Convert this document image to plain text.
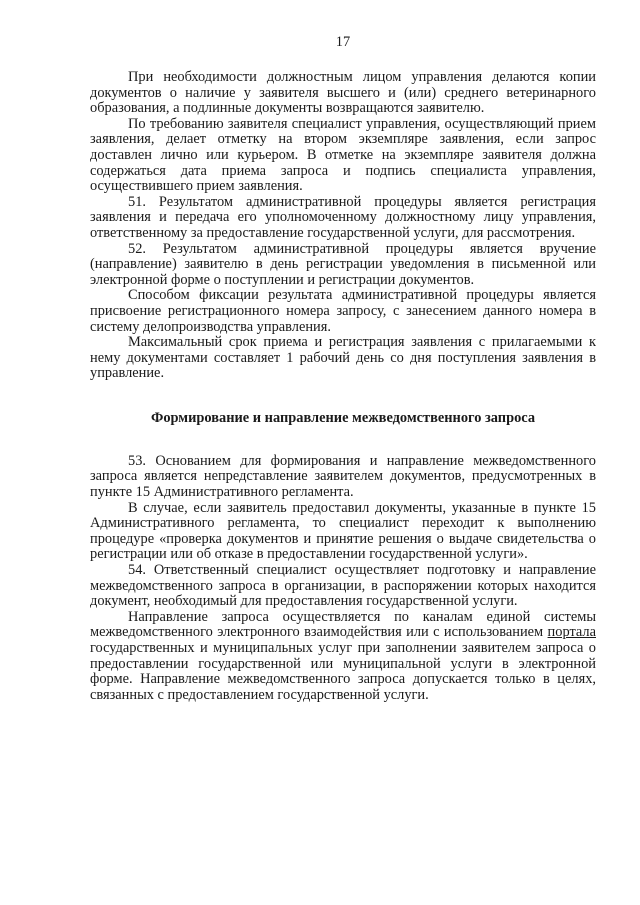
17

При необходимости должностным лицом управления делаются копии документов о наличие у заявителя высшего и (или) среднего ветеринарного образования, а подлинные документы возвращаются заявителю.

По требованию заявителя специалист управления, осуществляющий прием заявления, делает отметку на втором экземпляре заявления, если запрос доставлен лично или курьером. В отметке на экземпляре заявителя должна содержаться дата приема запроса и подпись специалиста управления, осуществившего прием заявления.

51. Результатом административной процедуры является регистрация заявления и передача его уполномоченному должностному лицу управления, ответственному за предоставление государственной услуги, для рассмотрения.

52. Результатом административной процедуры является вручение (направление) заявителю в день регистрации уведомления в письменной или электронной форме о поступлении и регистрации документов.

Способом фиксации результата административной процедуры является присвоение регистрационного номера запросу, с занесением данного номера в систему делопроизводства управления.

Максимальный срок приема и регистрация заявления с прилагаемыми к нему документами составляет 1 рабочий день со дня поступления заявления в управление.

Формирование и направление межведомственного запроса

53. Основанием для формирования и направление межведомственного запроса является непредставление заявителем документов, предусмотренных в пункте 15 Административного регламента.

В случае, если заявитель предоставил документы, указанные в пункте 15 Административного регламента, то специалист переходит к выполнению процедуре «проверка документов и принятие решения о выдаче свидетельства о регистрации или об отказе в предоставлении государственной услуги».

54. Ответственный специалист осуществляет подготовку и направление межведомственного запроса в организации, в распоряжении которых находится документ, необходимый для предоставления государственной услуги.

Направление запроса осуществляется по каналам единой системы межведомственного электронного взаимодействия или с использованием портала государственных и муниципальных услуг при заполнении заявителем запроса о предоставлении государственной или муниципальной услуги в электронной форме. Направление межведомственного запроса допускается только в целях, связанных с предоставлением государственной услуги.
